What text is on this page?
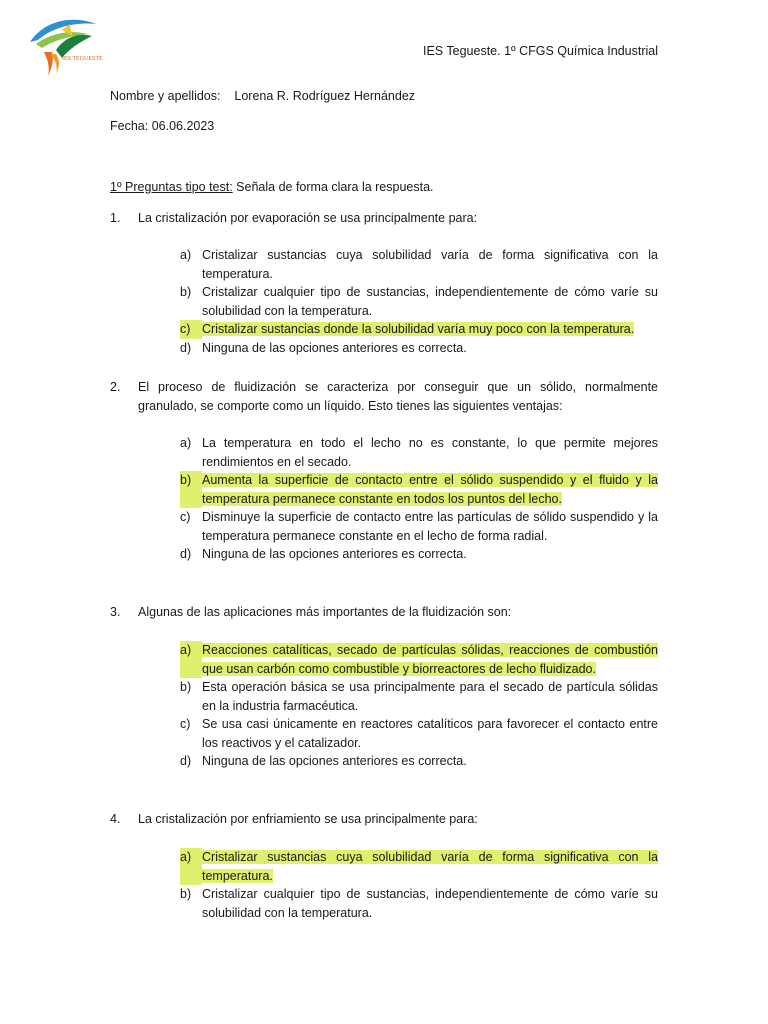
IES TEGUESTE
IES Tegueste. 1º CFGS Química Industrial
Nombre y apellidos: Lorena R. Rodríguez Hernández
Fecha: 06.06.2023
1º Preguntas tipo test: Señala de forma clara la respuesta.
1.	La cristalización por evaporación se usa principalmente para:
a) Cristalizar sustancias cuya solubilidad varía de forma significativa con la temperatura.
b) Cristalizar cualquier tipo de sustancias, independientemente de cómo varíe su solubilidad con la temperatura.
c) Cristalizar sustancias donde la solubilidad varía muy poco con la temperatura.
d) Ninguna de las opciones anteriores es correcta.
2.	El proceso de fluidización se caracteriza por conseguir que un sólido, normalmente granulado, se comporte como un líquido. Esto tienes las siguientes ventajas:
a) La temperatura en todo el lecho no es constante, lo que permite mejores rendimientos en el secado.
b) Aumenta la superficie de contacto entre el sólido suspendido y el fluido y la temperatura permanece constante en todos los puntos del lecho.
c) Disminuye la superficie de contacto entre las partículas de sólido suspendido y la temperatura permanece constante en el lecho de forma radial.
d) Ninguna de las opciones anteriores es correcta.
3.	Algunas de las aplicaciones más importantes de la fluidización son:
a) Reacciones catalíticas, secado de partículas sólidas, reacciones de combustión que usan carbón como combustible y biorreactores de lecho fluidizado.
b) Esta operación básica se usa principalmente para el secado de partícula sólidas en la industria farmacéutica.
c) Se usa casi únicamente en reactores catalíticos para favorecer el contacto entre los reactivos y el catalizador.
d) Ninguna de las opciones anteriores es correcta.
4.	La cristalización por enfriamiento se usa principalmente para:
a) Cristalizar sustancias cuya solubilidad varía de forma significativa con la temperatura.
b) Cristalizar cualquier tipo de sustancias, independientemente de cómo varíe su solubilidad con la temperatura.
